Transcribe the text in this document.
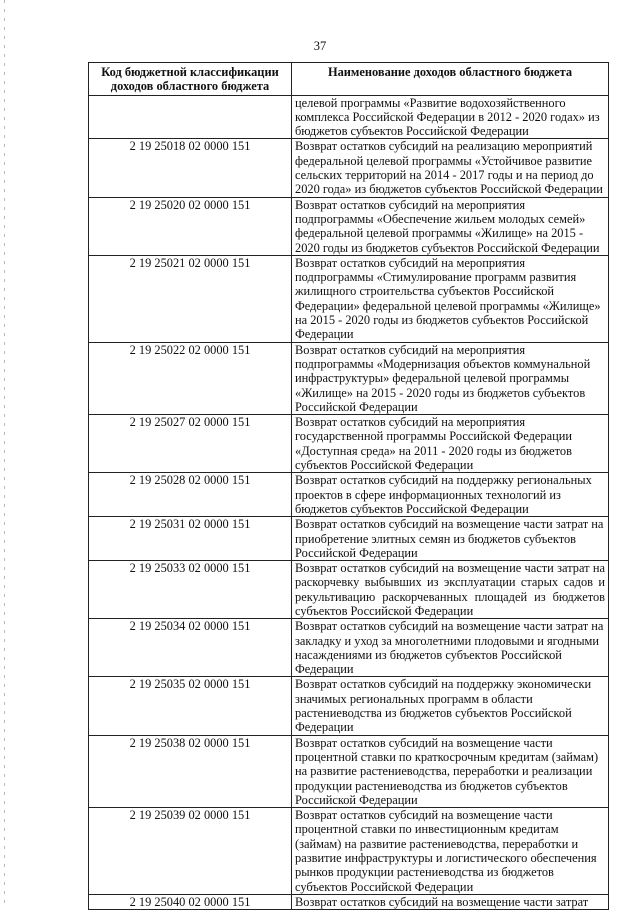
37
Код бюджетной классификации доходов областного бюджета	Наименование доходов областного бюджета
	целевой программы «Развитие водохозяйственного комплекса Российской Федерации в 2012 - 2020 годах» из бюджетов субъектов Российской Федерации
2 19 25018 02 0000 151	Возврат остатков субсидий на реализацию мероприятий федеральной целевой программы «Устойчивое развитие сельских территорий на 2014 - 2017 годы и на период до 2020 года» из бюджетов субъектов Российской Федерации
2 19 25020 02 0000 151	Возврат остатков субсидий на мероприятия подпрограммы «Обеспечение жильем молодых семей» федеральной целевой программы «Жилище» на 2015 - 2020 годы из бюджетов субъектов Российской Федерации
2 19 25021 02 0000 151	Возврат остатков субсидий на мероприятия подпрограммы «Стимулирование программ развития жилищного строительства субъектов Российской Федерации» федеральной целевой программы «Жилище» на 2015 - 2020 годы из бюджетов субъектов Российской Федерации
2 19 25022 02 0000 151	Возврат остатков субсидий на мероприятия подпрограммы «Модернизация объектов коммунальной инфраструктуры» федеральной целевой программы «Жилище» на 2015 - 2020 годы из бюджетов субъектов Российской Федерации
2 19 25027 02 0000 151	Возврат остатков субсидий на мероприятия государственной программы Российской Федерации «Доступная среда» на 2011 - 2020 годы из бюджетов субъектов Российской Федерации
2 19 25028 02 0000 151	Возврат остатков субсидий на поддержку региональных проектов в сфере информационных технологий из бюджетов субъектов Российской Федерации
2 19 25031 02 0000 151	Возврат остатков субсидий на возмещение части затрат на приобретение элитных семян из бюджетов субъектов Российской Федерации
2 19 25033 02 0000 151	Возврат остатков субсидий на возмещение части затрат на раскорчевку выбывших из эксплуатации старых садов и рекультивацию раскорчеванных площадей из бюджетов субъектов Российской Федерации
2 19 25034 02 0000 151	Возврат остатков субсидий на возмещение части затрат на закладку и уход за многолетними плодовыми и ягодными насаждениями из бюджетов субъектов Российской Федерации
2 19 25035 02 0000 151	Возврат остатков субсидий на поддержку экономически значимых региональных программ в области растениеводства из бюджетов субъектов Российской Федерации
2 19 25038 02 0000 151	Возврат остатков субсидий на возмещение части процентной ставки по краткосрочным кредитам (займам) на развитие растениеводства, переработки и реализации продукции растениеводства из бюджетов субъектов Российской Федерации
2 19 25039 02 0000 151	Возврат остатков субсидий на возмещение части процентной ставки по инвестиционным кредитам (займам) на развитие растениеводства, переработки и развитие инфраструктуры и логистического обеспечения рынков продукции растениеводства из бюджетов субъектов Российской Федерации
2 19 25040 02 0000 151	Возврат остатков субсидий на возмещение части затрат
